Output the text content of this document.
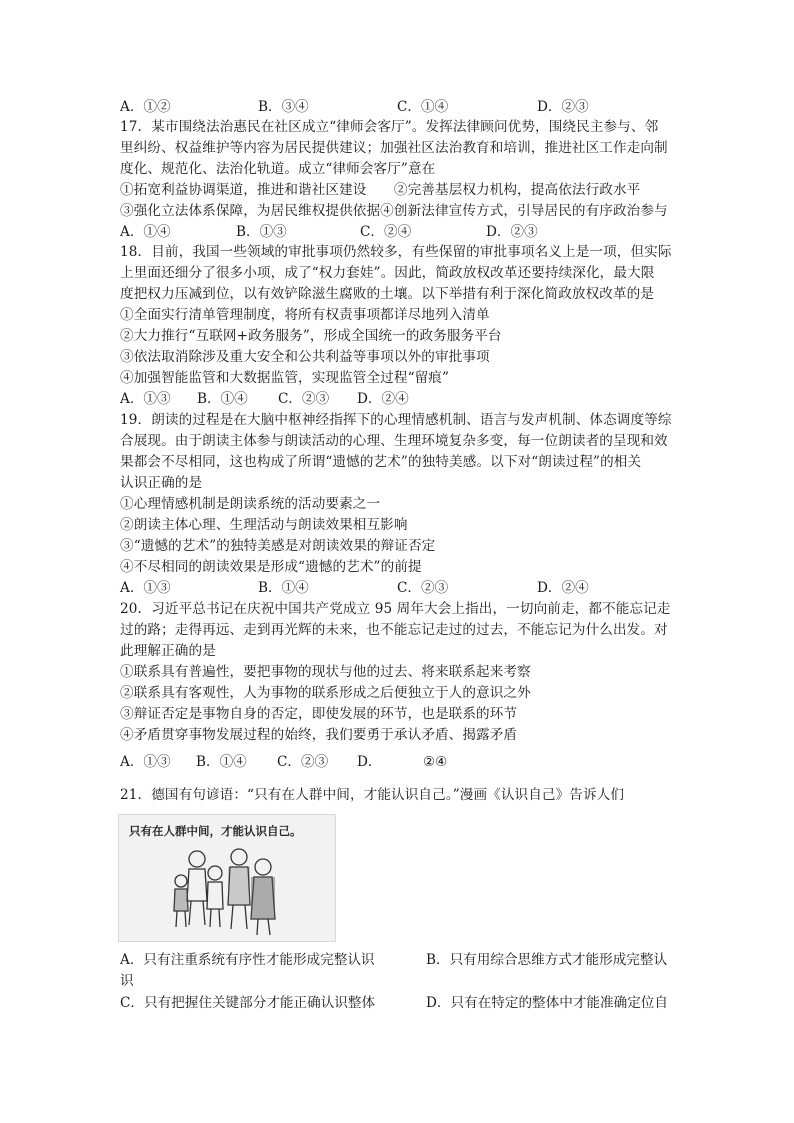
A．①②	B．③④	C．①④	D．②③
17．某市围绕法治惠民在社区成立“律师会客厅”。发挥法律顾问优势，围绕民主参与、邻
里纠纷、权益维护等内容为居民提供建议；加强社区法治教育和培训，推进社区工作走向制
度化、规范化、法治化轨道。成立“律师会客厅”意在
①拓宽利益协调渠道，推进和谐社区建设　　②完善基层权力机构，提高依法行政水平
③强化立法体系保障，为居民维权提供依据④创新法律宣传方式，引导居民的有序政治参与
A．①④	B．①③	C．②④	D．②③
18．目前，我国一些领域的审批事项仍然较多，有些保留的审批事项名义上是一项，但实际
上里面还细分了很多小项，成了“权力套娃”。因此，简政放权改革还要持续深化，最大限
度把权力压减到位，以有效铲除滋生腐败的土壤。以下举措有利于深化简政放权改革的是
①全面实行清单管理制度，将所有权责事项都详尽地列入清单
②大力推行“互联网+政务服务”，形成全国统一的政务服务平台
③依法取消除涉及重大安全和公共利益等事项以外的审批事项
④加强智能监管和大数据监管，实现监管全过程“留痕”
A．①③ B．①④ C．②③ D．②④
19．朗读的过程是在大脑中枢神经指挥下的心理情感机制、语言与发声机制、体态调度等综
合展现。由于朗读主体参与朗读活动的心理、生理环境复杂多变，每一位朗读者的呈现和效
果都会不尽相同，这也构成了所谓“遗憾的艺术”的独特美感。以下对“朗读过程”的相关
认识正确的是
①心理情感机制是朗读系统的活动要素之一
②朗读主体心理、生理活动与朗读效果相互影响
③“遗憾的艺术”的独特美感是对朗读效果的辩证否定
④不尽相同的朗读效果是形成“遗憾的艺术”的前提
A．①③	B．①④	C．②③	D．②④
20．习近平总书记在庆祝中国共产党成立 95 周年大会上指出，一切向前走，都不能忘记走
过的路；走得再远、走到再光辉的未来，也不能忘记走过的过去，不能忘记为什么出发。对
此理解正确的是
①联系具有普遍性，要把事物的现状与他的过去、将来联系起来考察
②联系具有客观性，人为事物的联系形成之后便独立于人的意识之外
③辩证否定是事物自身的否定，即使发展的环节，也是联系的环节
④矛盾贯穿事物发展过程的始终，我们要勇于承认矛盾、揭露矛盾
A．①③ B．①④ C．②③ D．	②④
21．德国有句谚语：“只有在人群中间，才能认识自己。”漫画《认识自己》告诉人们
只有在人群中间，才能认识自己。
A．只有注重系统有序性才能形成完整认识	B．只有用综合思维方式才能形成完整认
识
C．只有把握住关键部分才能正确认识整体	D．只有在特定的整体中才能准确定位自
